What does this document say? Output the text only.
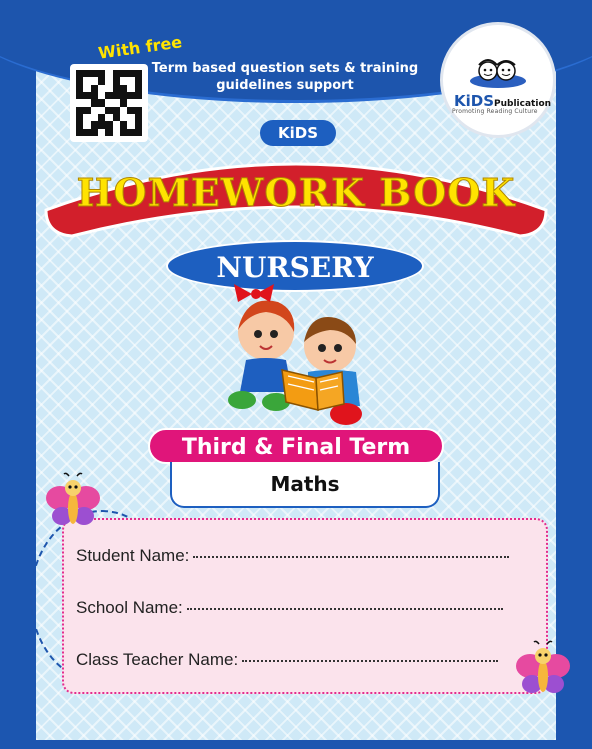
With free
Term based question sets & training guidelines support
KiDSPublication
Promoting Reading Culture
KiDS
HOMEWORK BOOK
NURSERY
Third & Final Term
Maths
Student Name:
School Name:
Class Teacher Name:
